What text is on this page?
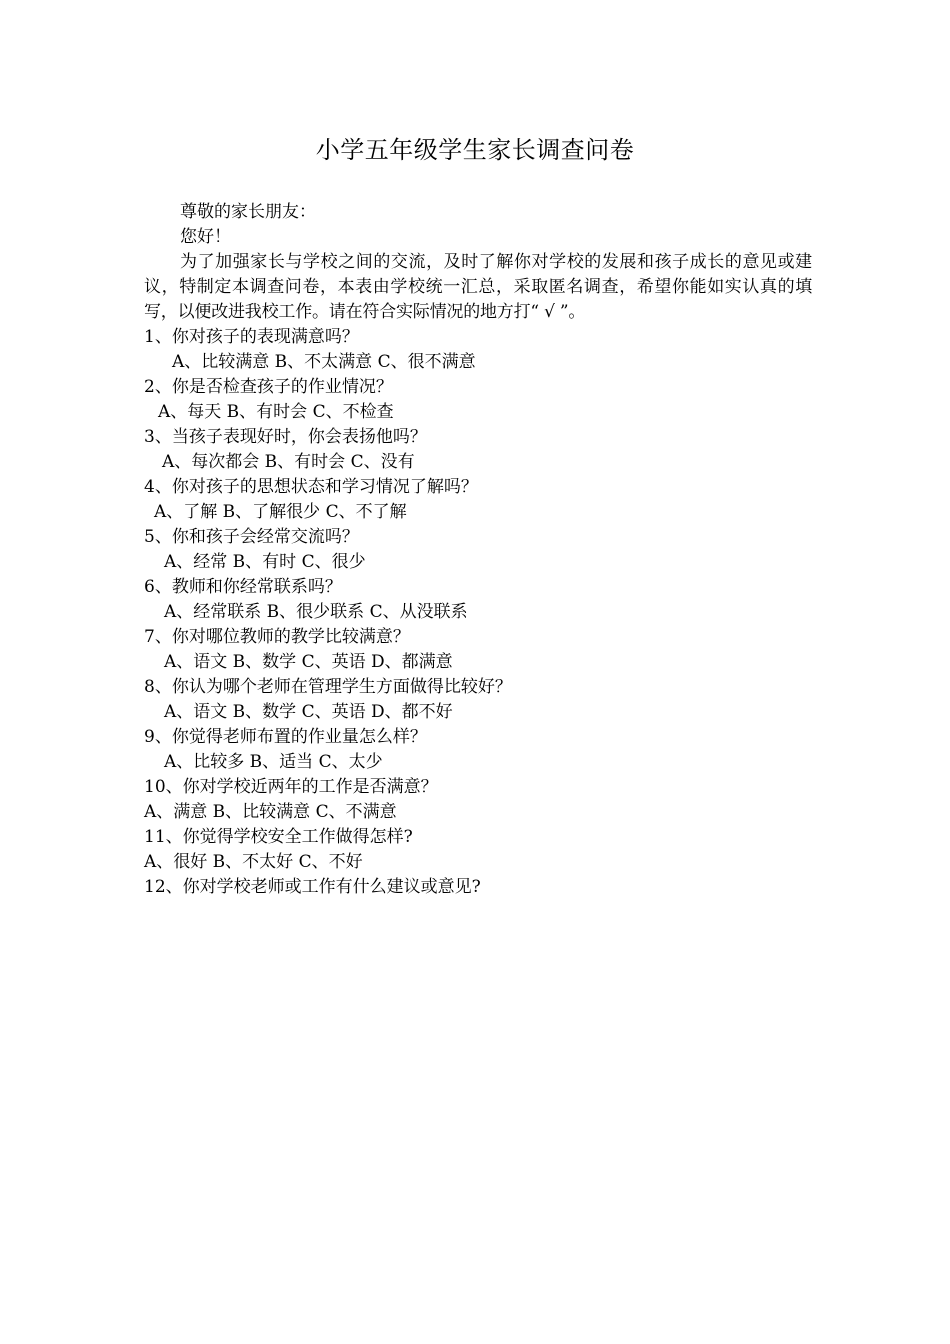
小学五年级学生家长调查问卷
尊敬的家长朋友：
您好！
为了加强家长与学校之间的交流，及时了解你对学校的发展和孩子成长的意见或建议，特制定本调查问卷，本表由学校统一汇总，采取匿名调查，希望你能如实认真的填写，以便改进我校工作。请在符合实际情况的地方打“ √ ”。
1、你对孩子的表现满意吗？
A、比较满意 B、不太满意 C、很不满意
2、你是否检查孩子的作业情况？
A、每天 B、有时会 C、不检查
3、当孩子表现好时，你会表扬他吗？
A、每次都会 B、有时会 C、没有
4、你对孩子的思想状态和学习情况了解吗？
A、了解 B、了解很少 C、不了解
5、你和孩子会经常交流吗？
A、经常 B、有时 C、很少
6、教师和你经常联系吗？
A、经常联系 B、很少联系 C、从没联系
7、你对哪位教师的教学比较满意？
A、语文 B、数学 C、英语 D、都满意
8、你认为哪个老师在管理学生方面做得比较好？
A、语文 B、数学 C、英语 D、都不好
9、你觉得老师布置的作业量怎么样？
A、比较多 B、适当 C、太少
10、你对学校近两年的工作是否满意？
A、满意 B、比较满意 C、不满意
11、你觉得学校安全工作做得怎样?
A、很好 B、不太好 C、不好
12、你对学校老师或工作有什么建议或意见?
